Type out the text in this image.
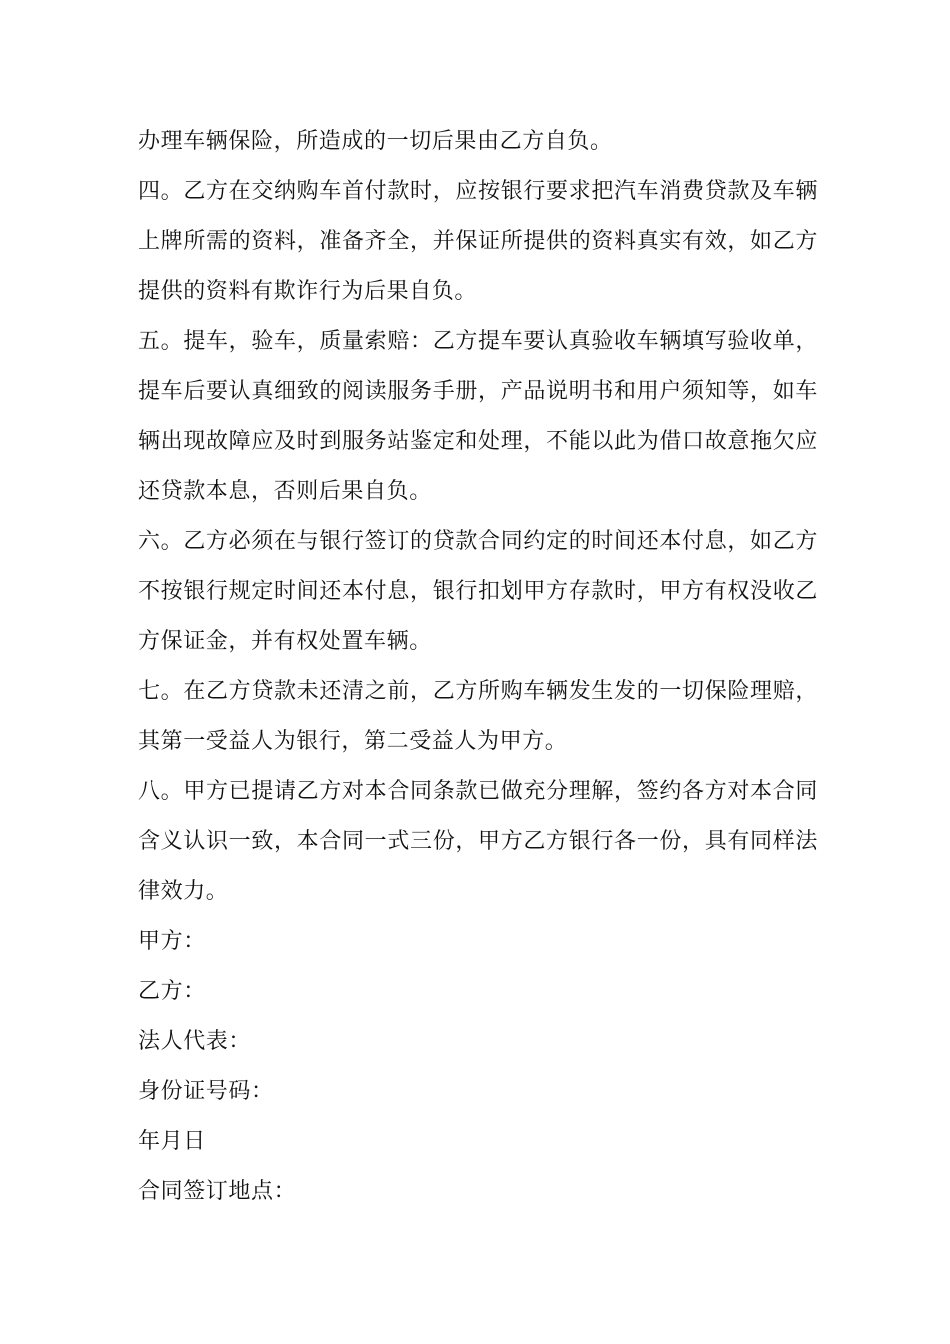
办理车辆保险，所造成的一切后果由乙方自负。

四。乙方在交纳购车首付款时，应按银行要求把汽车消费贷款及车辆上牌所需的资料，准备齐全，并保证所提供的资料真实有效，如乙方提供的资料有欺诈行为后果自负。

五。提车，验车，质量索赔：乙方提车要认真验收车辆填写验收单，提车后要认真细致的阅读服务手册，产品说明书和用户须知等，如车辆出现故障应及时到服务站鉴定和处理，不能以此为借口故意拖欠应还贷款本息，否则后果自负。

六。乙方必须在与银行签订的贷款合同约定的时间还本付息，如乙方不按银行规定时间还本付息，银行扣划甲方存款时，甲方有权没收乙方保证金，并有权处置车辆。

七。在乙方贷款未还清之前，乙方所购车辆发生发的一切保险理赔，其第一受益人为银行，第二受益人为甲方。

八。甲方已提请乙方对本合同条款已做充分理解，签约各方对本合同含义认识一致，本合同一式三份，甲方乙方银行各一份，具有同样法律效力。

甲方：

乙方：

法人代表：

身份证号码：

年月日

合同签订地点：
